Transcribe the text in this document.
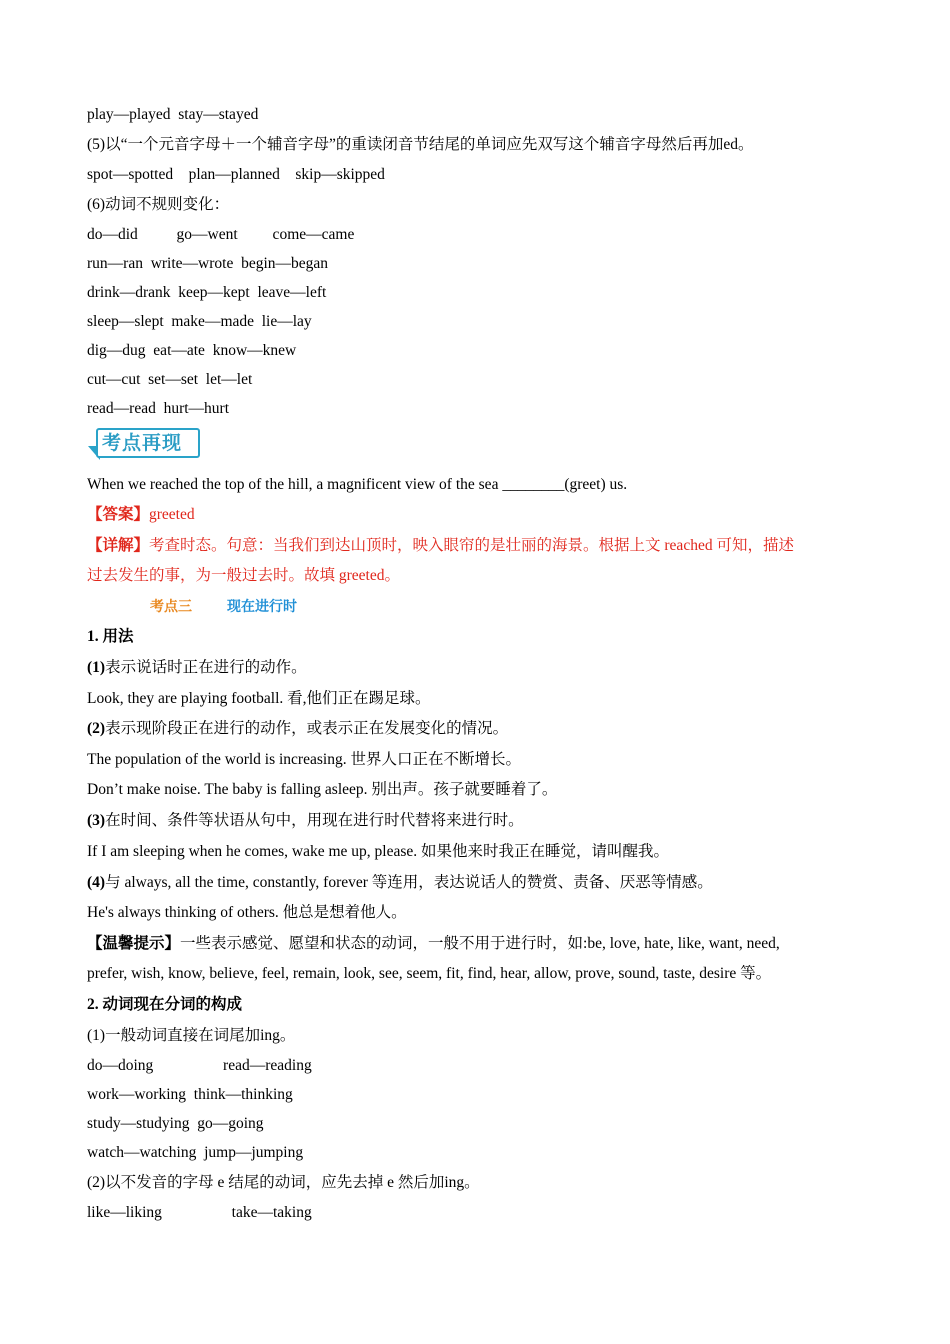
play—played  stay—stayed
(5)以“一个元音字母＋一个辅音字母”的重读闭音节结尾的单词应先双写这个辅音字母然后再加ed。
spot—spotted    plan—planned    skip—skipped
(6)动词不规则变化：
do—did          go—went         come—came
run—ran  write—wrote  begin—began
drink—drank  keep—kept  leave—left
sleep—slept  make—made  lie—lay
dig—dug  eat—ate  know—knew
cut—cut  set—set  let—let
read—read  hurt—hurt
考点再现
When we reached the top of the hill, a magnificent view of the sea ________(greet) us.
【答案】greeted
【详解】考查时态。句意：当我们到达山顶时，映入眼帘的是壮丽的海景。根据上文 reached 可知，描述
过去发生的事，为一般过去时。故填 greeted。
考点三	现在进行时
1. 用法
(1)表示说话时正在进行的动作。
Look, they are playing football. 看,他们正在踢足球。
(2)表示现阶段正在进行的动作，或表示正在发展变化的情况。
The population of the world is increasing. 世界人口正在不断增长。
Don’t make noise. The baby is falling asleep. 别出声。孩子就要睡着了。
(3)在时间、条件等状语从句中，用现在进行时代替将来进行时。
If I am sleeping when he comes, wake me up, please. 如果他来时我正在睡觉，请叫醒我。
(4)与 always, all the time, constantly, forever 等连用，表达说话人的赞赏、责备、厌恶等情感。
He's always thinking of others. 他总是想着他人。
【温馨提示】一些表示感觉、愿望和状态的动词，一般不用于进行时，如:be, love, hate, like, want, need,
prefer, wish, know, believe, feel, remain, look, see, seem, fit, find, hear, allow, prove, sound, taste, desire 等。
2. 动词现在分词的构成
(1)一般动词直接在词尾加ing。
do—doing                  read—reading
work—working  think—thinking
study—studying  go—going
watch—watching  jump—jumping
(2)以不发音的字母 e 结尾的动词，应先去掉 e 然后加ing。
like—liking                  take—taking
